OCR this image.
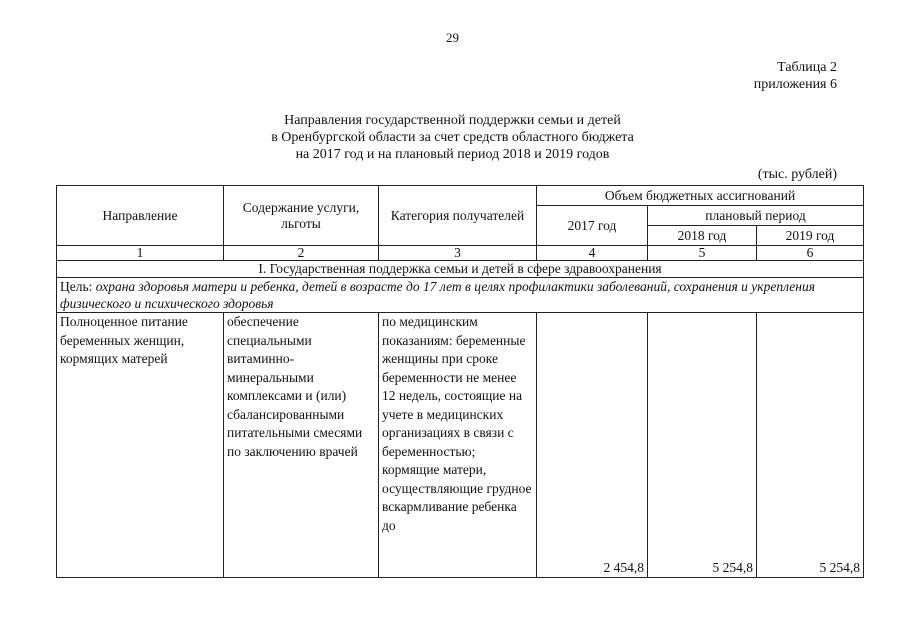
29
Таблица 2
приложения 6
Направления государственной поддержки семьи и детей
в Оренбургской области за счет средств областного бюджета
на 2017 год и на плановый период 2018 и 2019 годов
(тыс. рублей)
Направление	Содержание услуги, льготы	Категория получателей	Объем бюджетных ассигнований		
			2017 год	плановый период	
				2018 год	2019 год
1	2	3	4	5	6
I. Государственная поддержка семьи и детей в сфере здравоохранения					
Цель: охрана здоровья матери и ребенка, детей в возрасте до 17 лет в целях профилактики заболеваний, сохранения и укрепления физического и психического здоровья					
Полноценное питание беременных женщин, кормящих матерей	обеспечение специальными витаминно-минеральными комплексами и (или) сбалансированными питательными смесями по заключению врачей	по медицинским показаниям: беременные женщины при сроке беременности не менее 12 недель, состоящие на учете в медицинских организациях в связи с беременностью; кормящие матери, осуществляющие грудное вскармливание ребенка до	2 454,8	5 254,8	5 254,8
